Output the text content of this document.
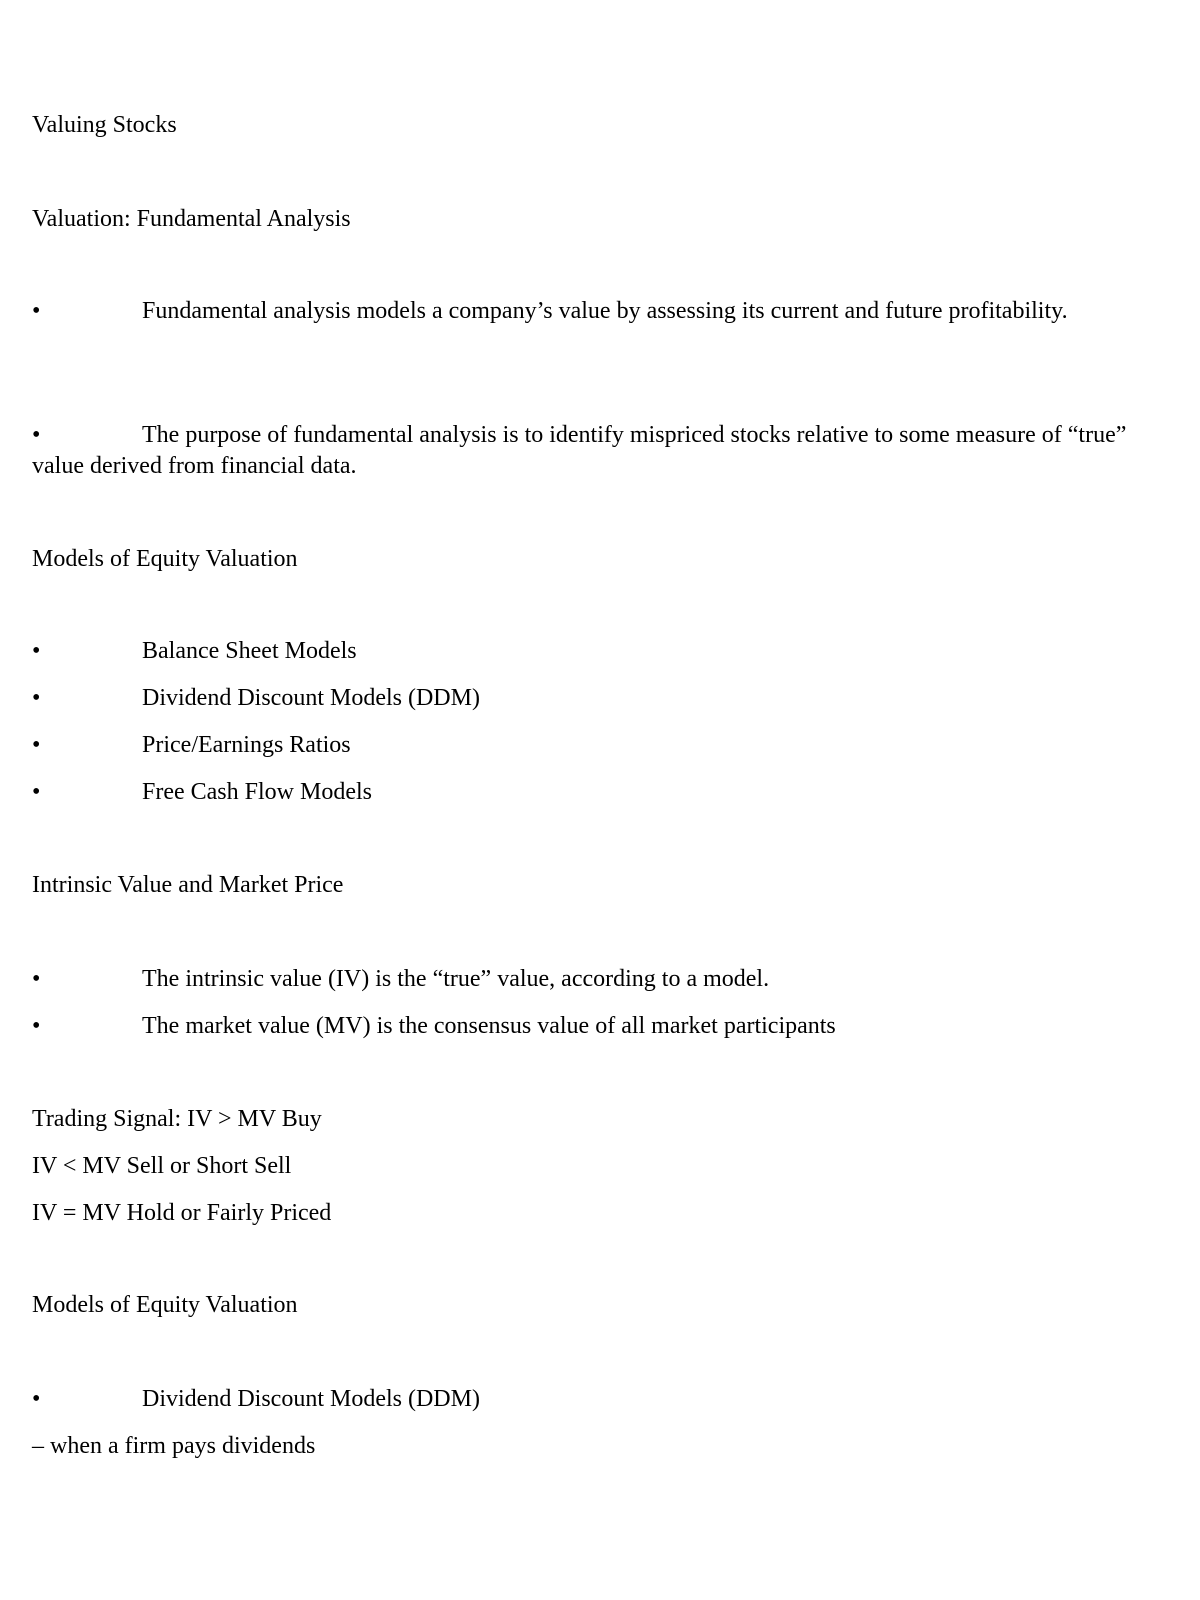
Valuing Stocks
Valuation: Fundamental Analysis
•	Fundamental analysis models a company’s value by assessing its current and future profitability.
•	The purpose of fundamental analysis is to identify mispriced stocks relative to some measure of “true” value derived from financial data.
Models of Equity Valuation
•	Balance Sheet Models
•	Dividend Discount Models (DDM)
•	Price/Earnings Ratios
•	Free Cash Flow Models
Intrinsic Value and Market Price
•	The intrinsic value (IV) is the “true” value, according to a model.
•	The market value (MV) is the consensus value of all market participants
Trading Signal: IV > MV Buy
IV < MV Sell or Short Sell
IV = MV Hold or Fairly Priced
Models of Equity Valuation
•	Dividend Discount Models (DDM)
– when a firm pays dividends
